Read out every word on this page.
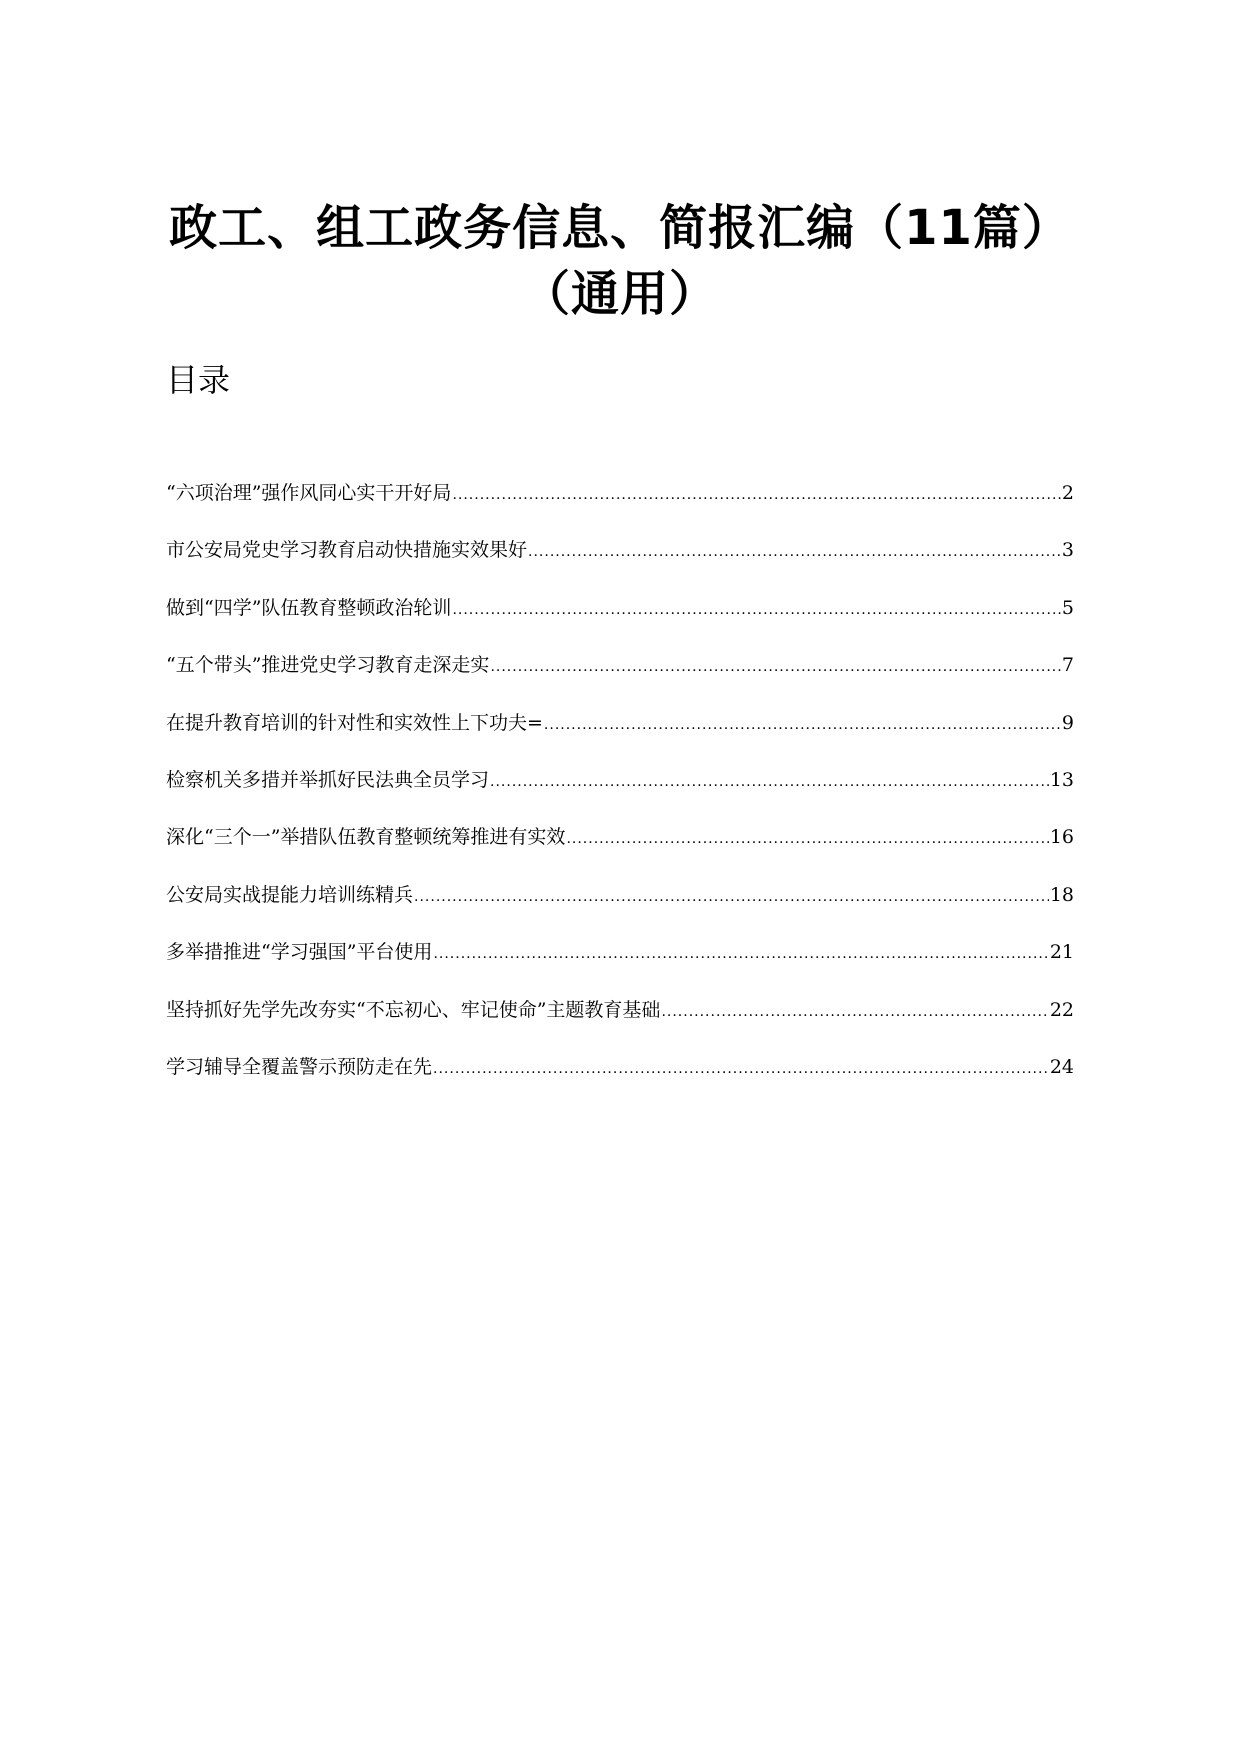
政工、组工政务信息、简报汇编（11篇）
（通用）
目录
“六项治理”强作风同心实干开好局 .....	2
市公安局党史学习教育启动快措施实效果好 .....	3
做到“四学”队伍教育整顿政治轮训 .....	5
“五个带头”推进党史学习教育走深走实 .....	7
在提升教育培训的针对性和实效性上下功夫= .....	9
检察机关多措并举抓好民法典全员学习 .....	13
深化“三个一”举措队伍教育整顿统筹推进有实效 .....	16
公安局实战提能力培训练精兵 .....	18
多举措推进“学习强国”平台使用 .....	21
坚持抓好先学先改夯实“不忘初心、牢记使命”主题教育基础 .....	22
学习辅导全覆盖警示预防走在先 .....	24
